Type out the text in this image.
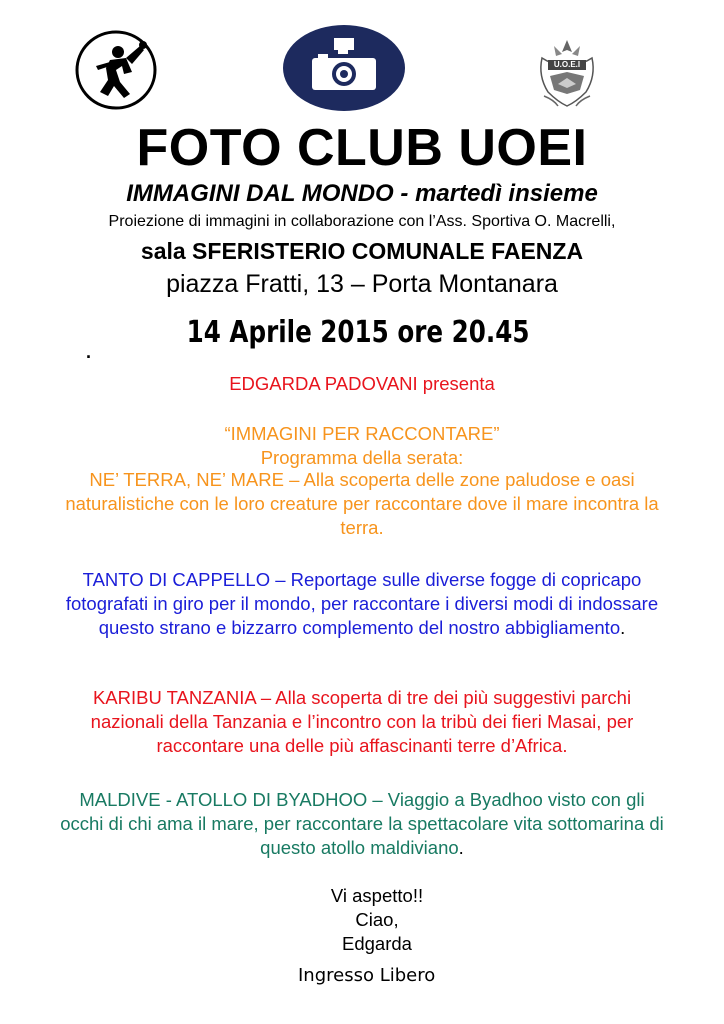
U.O.E.I
FOTO CLUB UOEI
IMMAGINI DAL MONDO - martedì insieme
Proiezione di immagini in collaborazione con l’Ass. Sportiva O. Macrelli,
sala SFERISTERIO COMUNALE FAENZA
piazza Fratti, 13 – Porta Montanara
14 Aprile 2015 ore 20.45
.
EDGARDA PADOVANI presenta
“IMMAGINI PER RACCONTARE”
Programma della serata:
NE’ TERRA, NE’ MARE – Alla scoperta delle zone paludose e oasi naturalistiche con le loro creature per raccontare dove il mare incontra la terra.
TANTO DI CAPPELLO – Reportage sulle diverse fogge di copricapo fotografati in giro per il mondo, per raccontare i diversi modi di indossare questo strano e bizzarro complemento del nostro abbigliamento.
KARIBU TANZANIA – Alla scoperta di tre dei più suggestivi parchi nazionali della Tanzania e l’incontro con la tribù dei fieri Masai, per raccontare una delle più affascinanti terre d’Africa.
MALDIVE - ATOLLO DI BYADHOO – Viaggio a Byadhoo visto con gli occhi di chi ama il mare, per raccontare la spettacolare vita sottomarina di questo atollo maldiviano.
Vi aspetto!!
Ciao,
Edgarda
Ingresso Libero
